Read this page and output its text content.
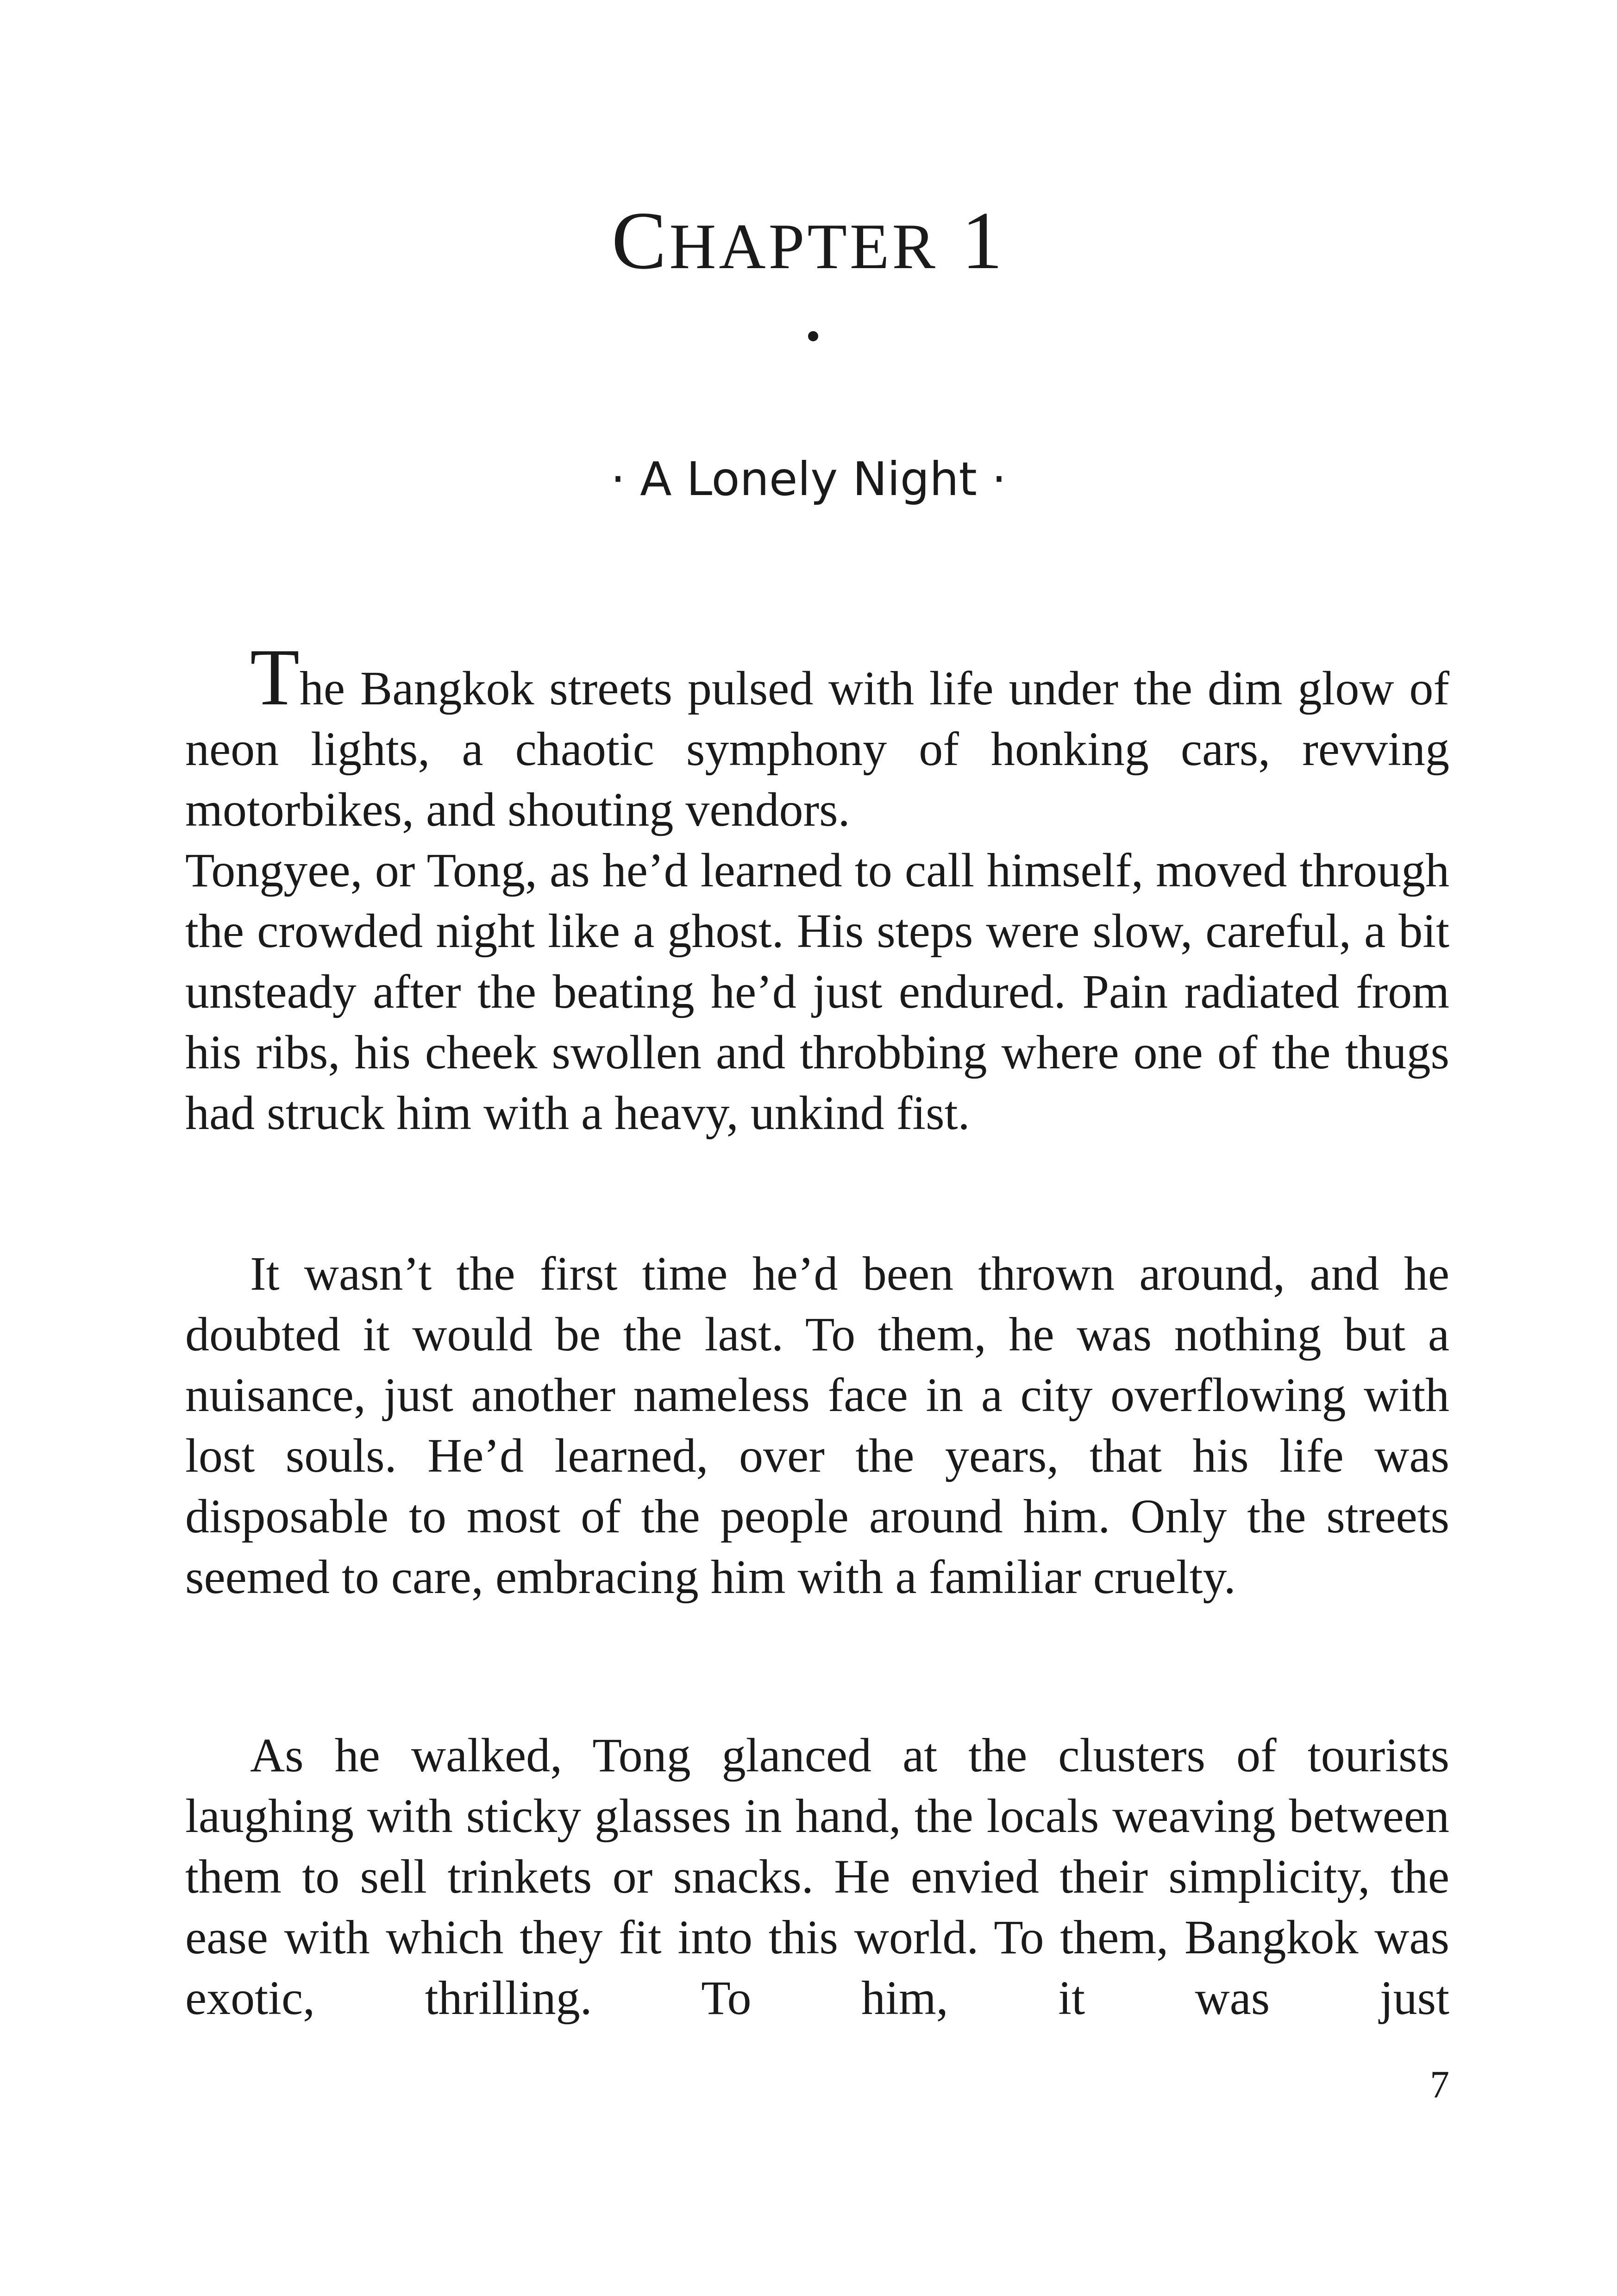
CHAPTER 1
· A Lonely Night ·

The Bangkok streets pulsed with life under the dim glow of neon lights, a chaotic symphony of honking cars, revving motorbikes, and shouting vendors.

Tongyee, or Tong, as he’d learned to call himself, moved through the crowded night like a ghost. His steps were slow, careful, a bit unsteady after the beating he’d just endured. Pain radiated from his ribs, his cheek swollen and throbbing where one of the thugs had struck him with a heavy, unkind fist.

It wasn’t the first time he’d been thrown around, and he doubted it would be the last. To them, he was nothing but a nuisance, just another nameless face in a city overflowing with lost souls. He’d learned, over the years, that his life was disposable to most of the people around him. Only the streets seemed to care, embracing him with a familiar cruelty.

As he walked, Tong glanced at the clusters of tourists laughing with sticky glasses in hand, the locals weaving between them to sell trinkets or snacks. He envied their simplicity, the ease with which they fit into this world. To them, Bangkok was exotic, thrilling. To him, it was just

7
